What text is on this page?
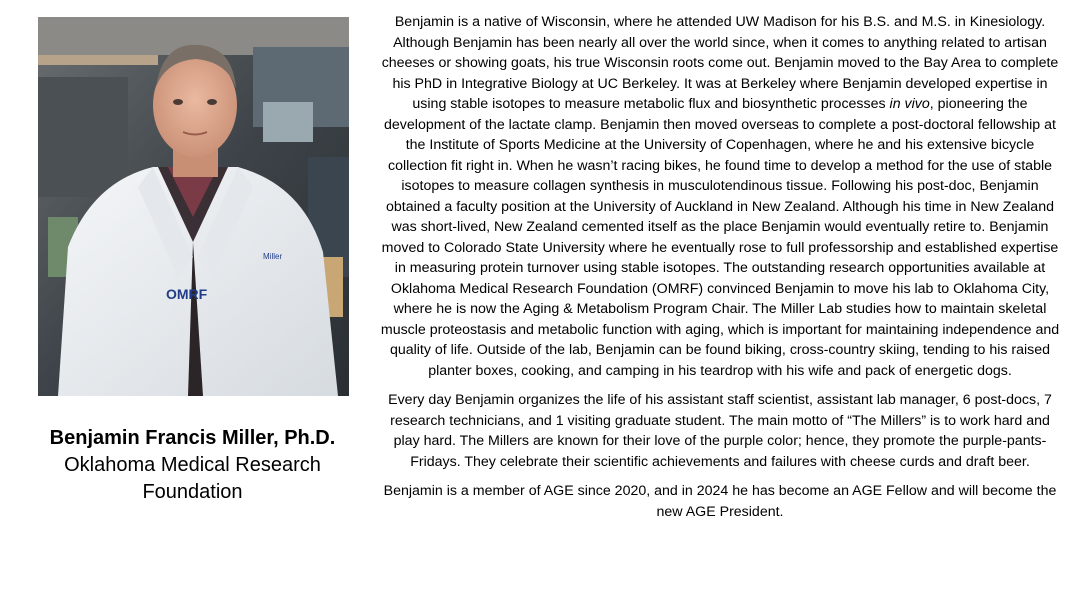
OMRF
Miller
Benjamin Francis Miller, Ph.D.
Oklahoma Medical Research
Foundation

Benjamin is a native of Wisconsin, where he attended UW Madison for his B.S. and M.S. in Kinesiology. Although Benjamin has been nearly all over the world since, when it comes to anything related to artisan cheeses or showing goats, his true Wisconsin roots come out. Benjamin moved to the Bay Area to complete his PhD in Integrative Biology at UC Berkeley. It was at Berkeley where Benjamin developed expertise in using stable isotopes to measure metabolic flux and biosynthetic processes in vivo, pioneering the development of the lactate clamp. Benjamin then moved overseas to complete a post-doctoral fellowship at the Institute of Sports Medicine at the University of Copenhagen, where he and his extensive bicycle collection fit right in. When he wasn’t racing bikes, he found time to develop a method for the use of stable isotopes to measure collagen synthesis in musculotendinous tissue. Following his post-doc, Benjamin obtained a faculty position at the University of Auckland in New Zealand. Although his time in New Zealand was short-lived, New Zealand cemented itself as the place Benjamin would eventually retire to. Benjamin moved to Colorado State University where he eventually rose to full professorship and established expertise in measuring protein turnover using stable isotopes. The outstanding research opportunities available at Oklahoma Medical Research Foundation (OMRF) convinced Benjamin to move his lab to Oklahoma City, where he is now the Aging & Metabolism Program Chair. The Miller Lab studies how to maintain skeletal muscle proteostasis and metabolic function with aging, which is important for maintaining independence and quality of life. Outside of the lab, Benjamin can be found biking, cross-country skiing, tending to his raised planter boxes, cooking, and camping in his teardrop with his wife and pack of energetic dogs.

Every day Benjamin organizes the life of his assistant staff scientist, assistant lab manager, 6 post-docs, 7 research technicians, and 1 visiting graduate student. The main motto of “The Millers” is to work hard and play hard. The Millers are known for their love of the purple color; hence, they promote the purple-pants-Fridays. They celebrate their scientific achievements and failures with cheese curds and draft beer.

Benjamin is a member of AGE since 2020, and in 2024 he has become an AGE Fellow and will become the new AGE President.
